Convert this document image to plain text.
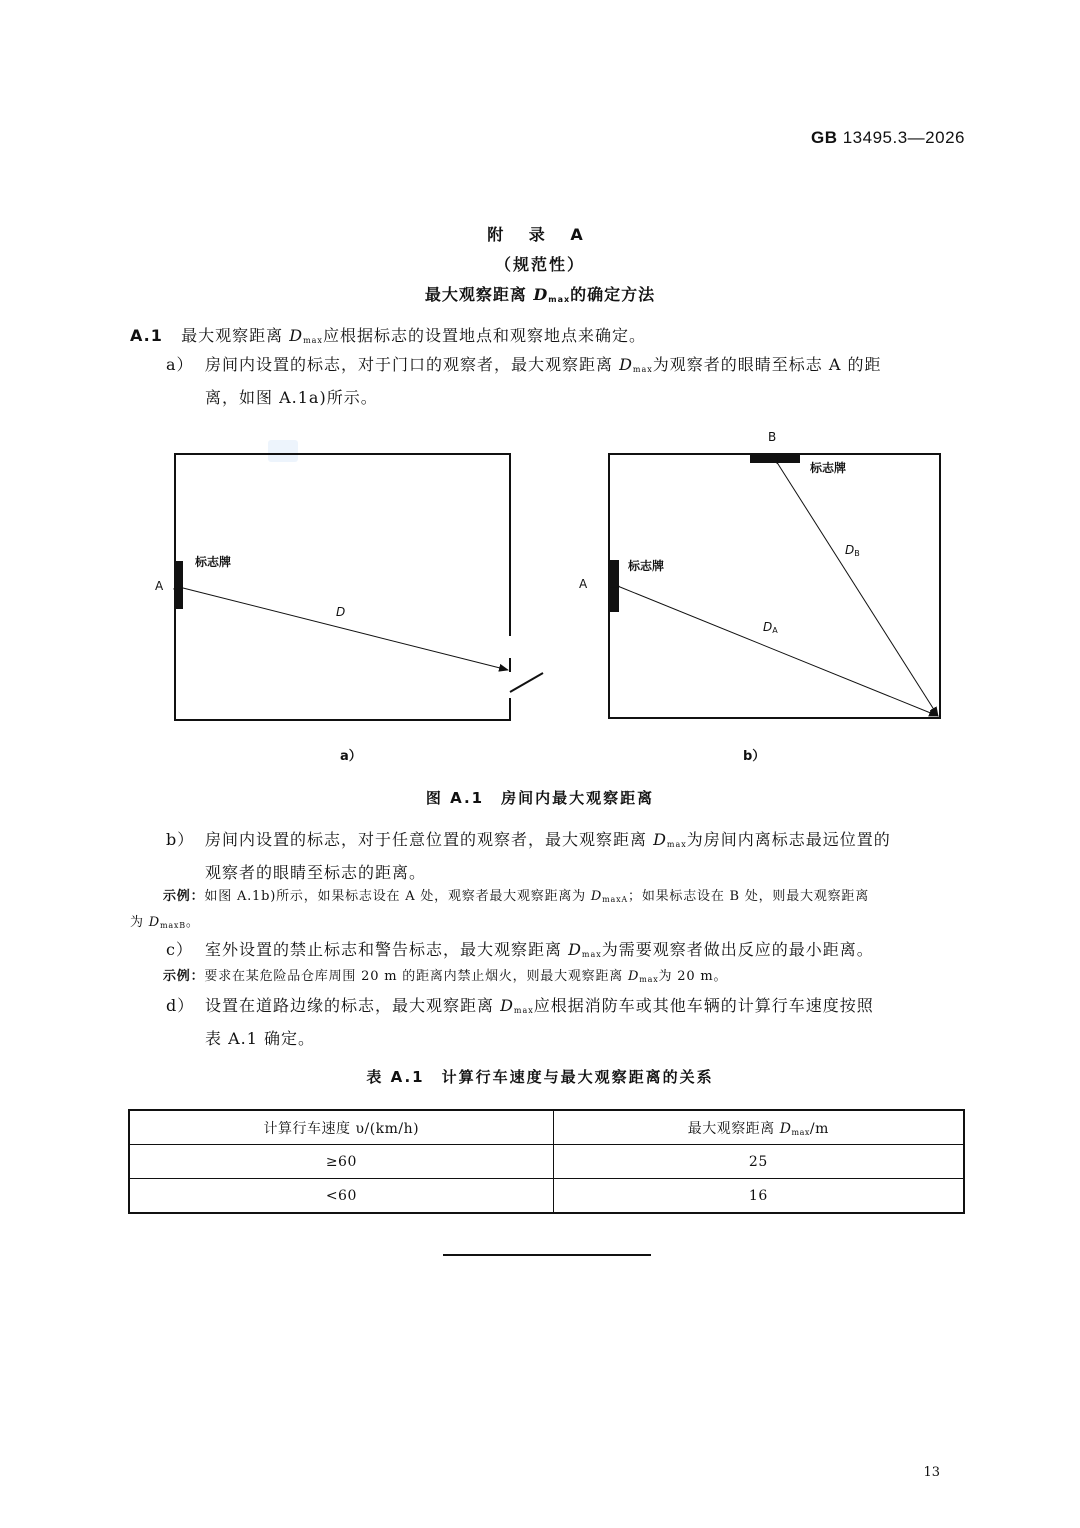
GB 13495.3—2026
附 录 A
（规范性）
最大观察距离 $D_{max}$的确定方法
A.1 最大观察距离 $D_{max}$应根据标志的设置地点和观察地点来确定。
a） 房间内设置的标志，对于门口的观察者，最大观察距离 $D_{max}$为观察者的眼睛至标志 A 的距
离，如图 A.1a)所示。
标志牌
A
D
a）
标志牌
标志牌
A
B
DA
DB
b）
图 A.1　房间内最大观察距离
b） 房间内设置的标志，对于任意位置的观察者，最大观察距离 $D_{max}$为房间内离标志最远位置的
观察者的眼睛至标志的距离。
示例：如图 A.1b)所示，如果标志设在 A 处，观察者最大观察距离为 $D_{maxA}$；如果标志设在 B 处，则最大观察距离
为 $D_{maxB}$。
c） 室外设置的禁止标志和警告标志，最大观察距离 $D_{max}$为需要观察者做出反应的最小距离。
示例：要求在某危险品仓库周围 20 m 的距离内禁止烟火，则最大观察距离 $D_{max}$为 20 m。
d） 设置在道路边缘的标志，最大观察距离 $D_{max}$应根据消防车或其他车辆的计算行车速度按照
表 A.1 确定。
表 A.1　计算行车速度与最大观察距离的关系
计算行车速度 υ/(km/h)	最大观察距离 $D_{max}/m$
≥60	25
<60	16
13
